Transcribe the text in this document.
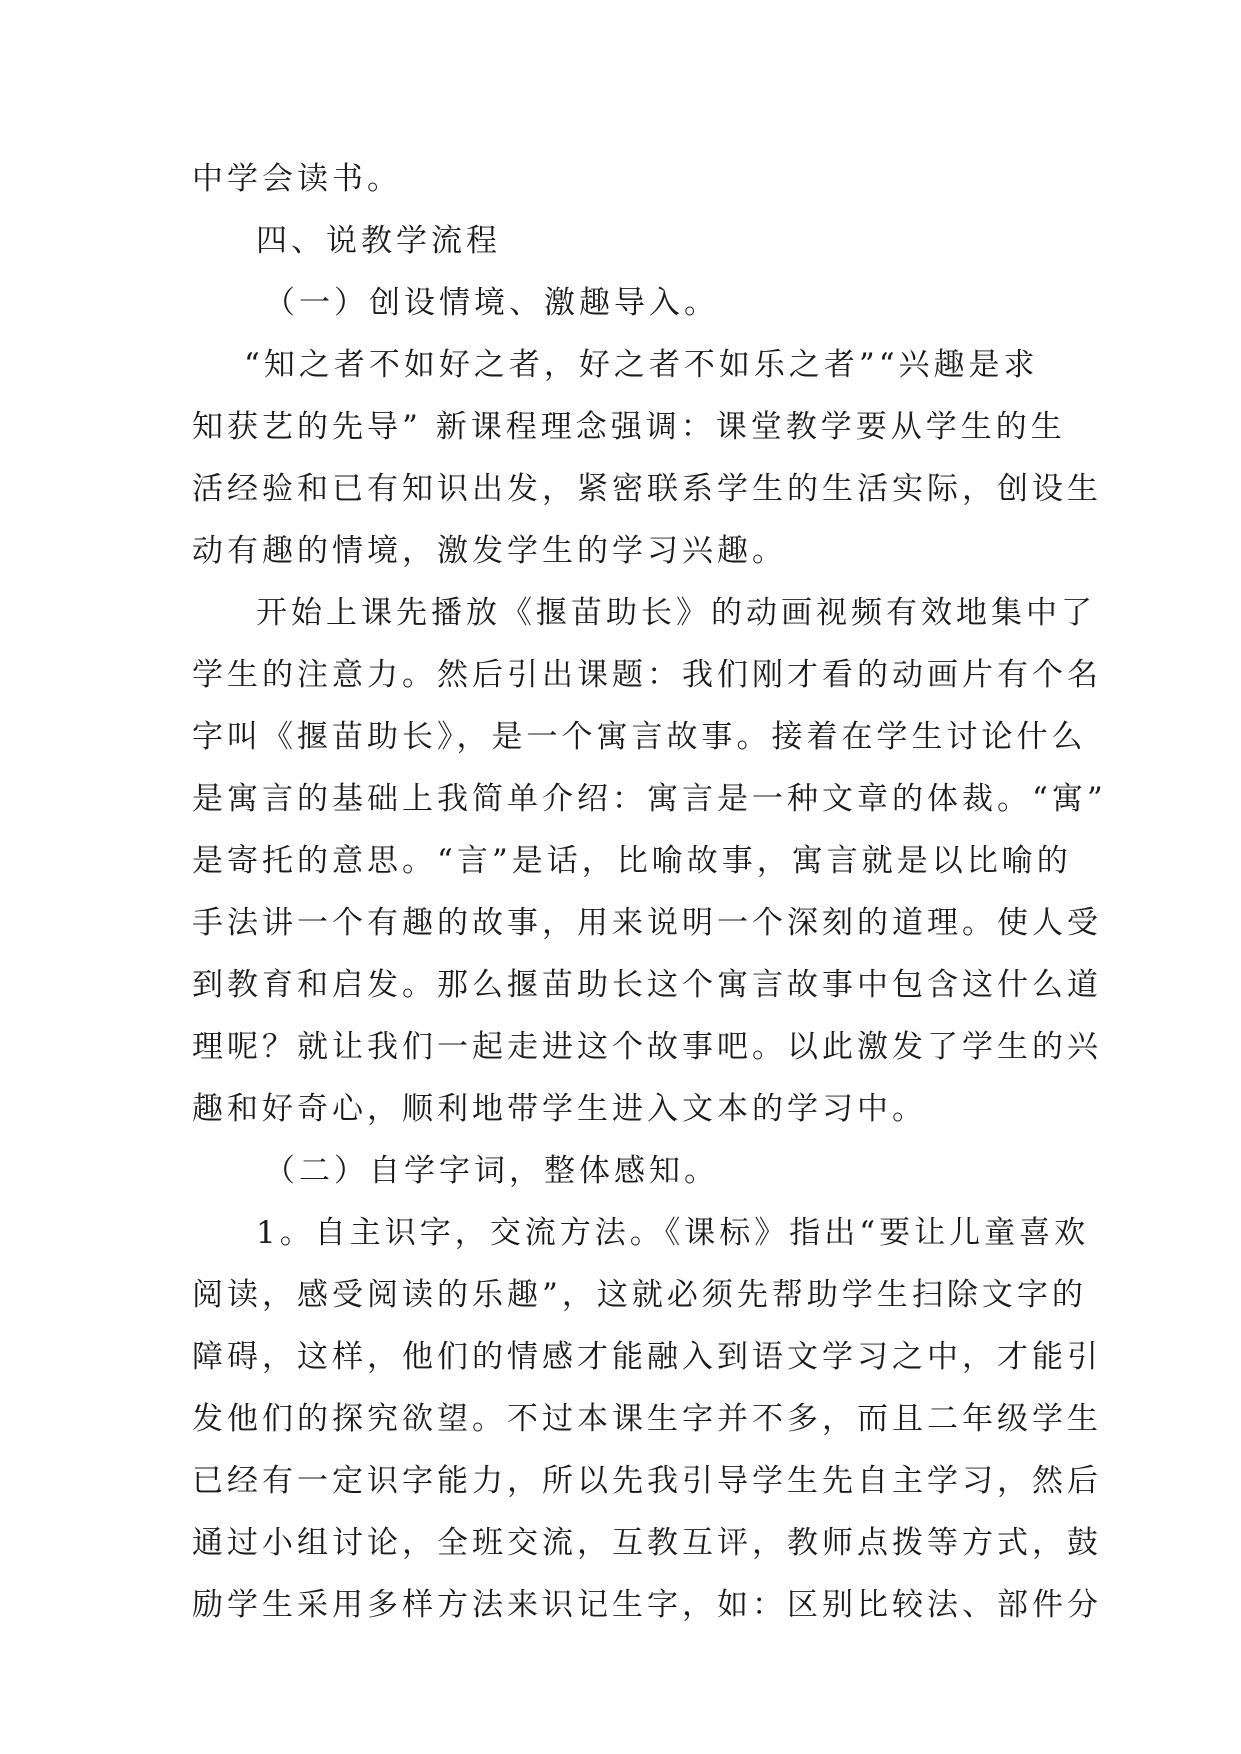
中学会读书。
四、说教学流程
（一）创设情境、激趣导入。
“知之者不如好之者，好之者不如乐之者”“兴趣是求
知获艺的先导” 新课程理念强调：课堂教学要从学生的生
活经验和已有知识出发，紧密联系学生的生活实际，创设生
动有趣的情境，激发学生的学习兴趣。
开始上课先播放《揠苗助长》的动画视频有效地集中了
学生的注意力。然后引出课题：我们刚才看的动画片有个名
字叫《揠苗助长》，是一个寓言故事。接着在学生讨论什么
是寓言的基础上我简单介绍：寓言是一种文章的体裁。“寓”
是寄托的意思。“言”是话，比喻故事，寓言就是以比喻的
手法讲一个有趣的故事，用来说明一个深刻的道理。使人受
到教育和启发。那么揠苗助长这个寓言故事中包含这什么道
理呢？就让我们一起走进这个故事吧。以此激发了学生的兴
趣和好奇心，顺利地带学生进入文本的学习中。
（二）自学字词，整体感知。
1。自主识字，交流方法。《课标》指出“要让儿童喜欢
阅读，感受阅读的乐趣”，这就必须先帮助学生扫除文字的
障碍，这样，他们的情感才能融入到语文学习之中，才能引
发他们的探究欲望。不过本课生字并不多，而且二年级学生
已经有一定识字能力，所以先我引导学生先自主学习，然后
通过小组讨论，全班交流，互教互评，教师点拨等方式，鼓
励学生采用多样方法来识记生字，如：区别比较法、部件分
